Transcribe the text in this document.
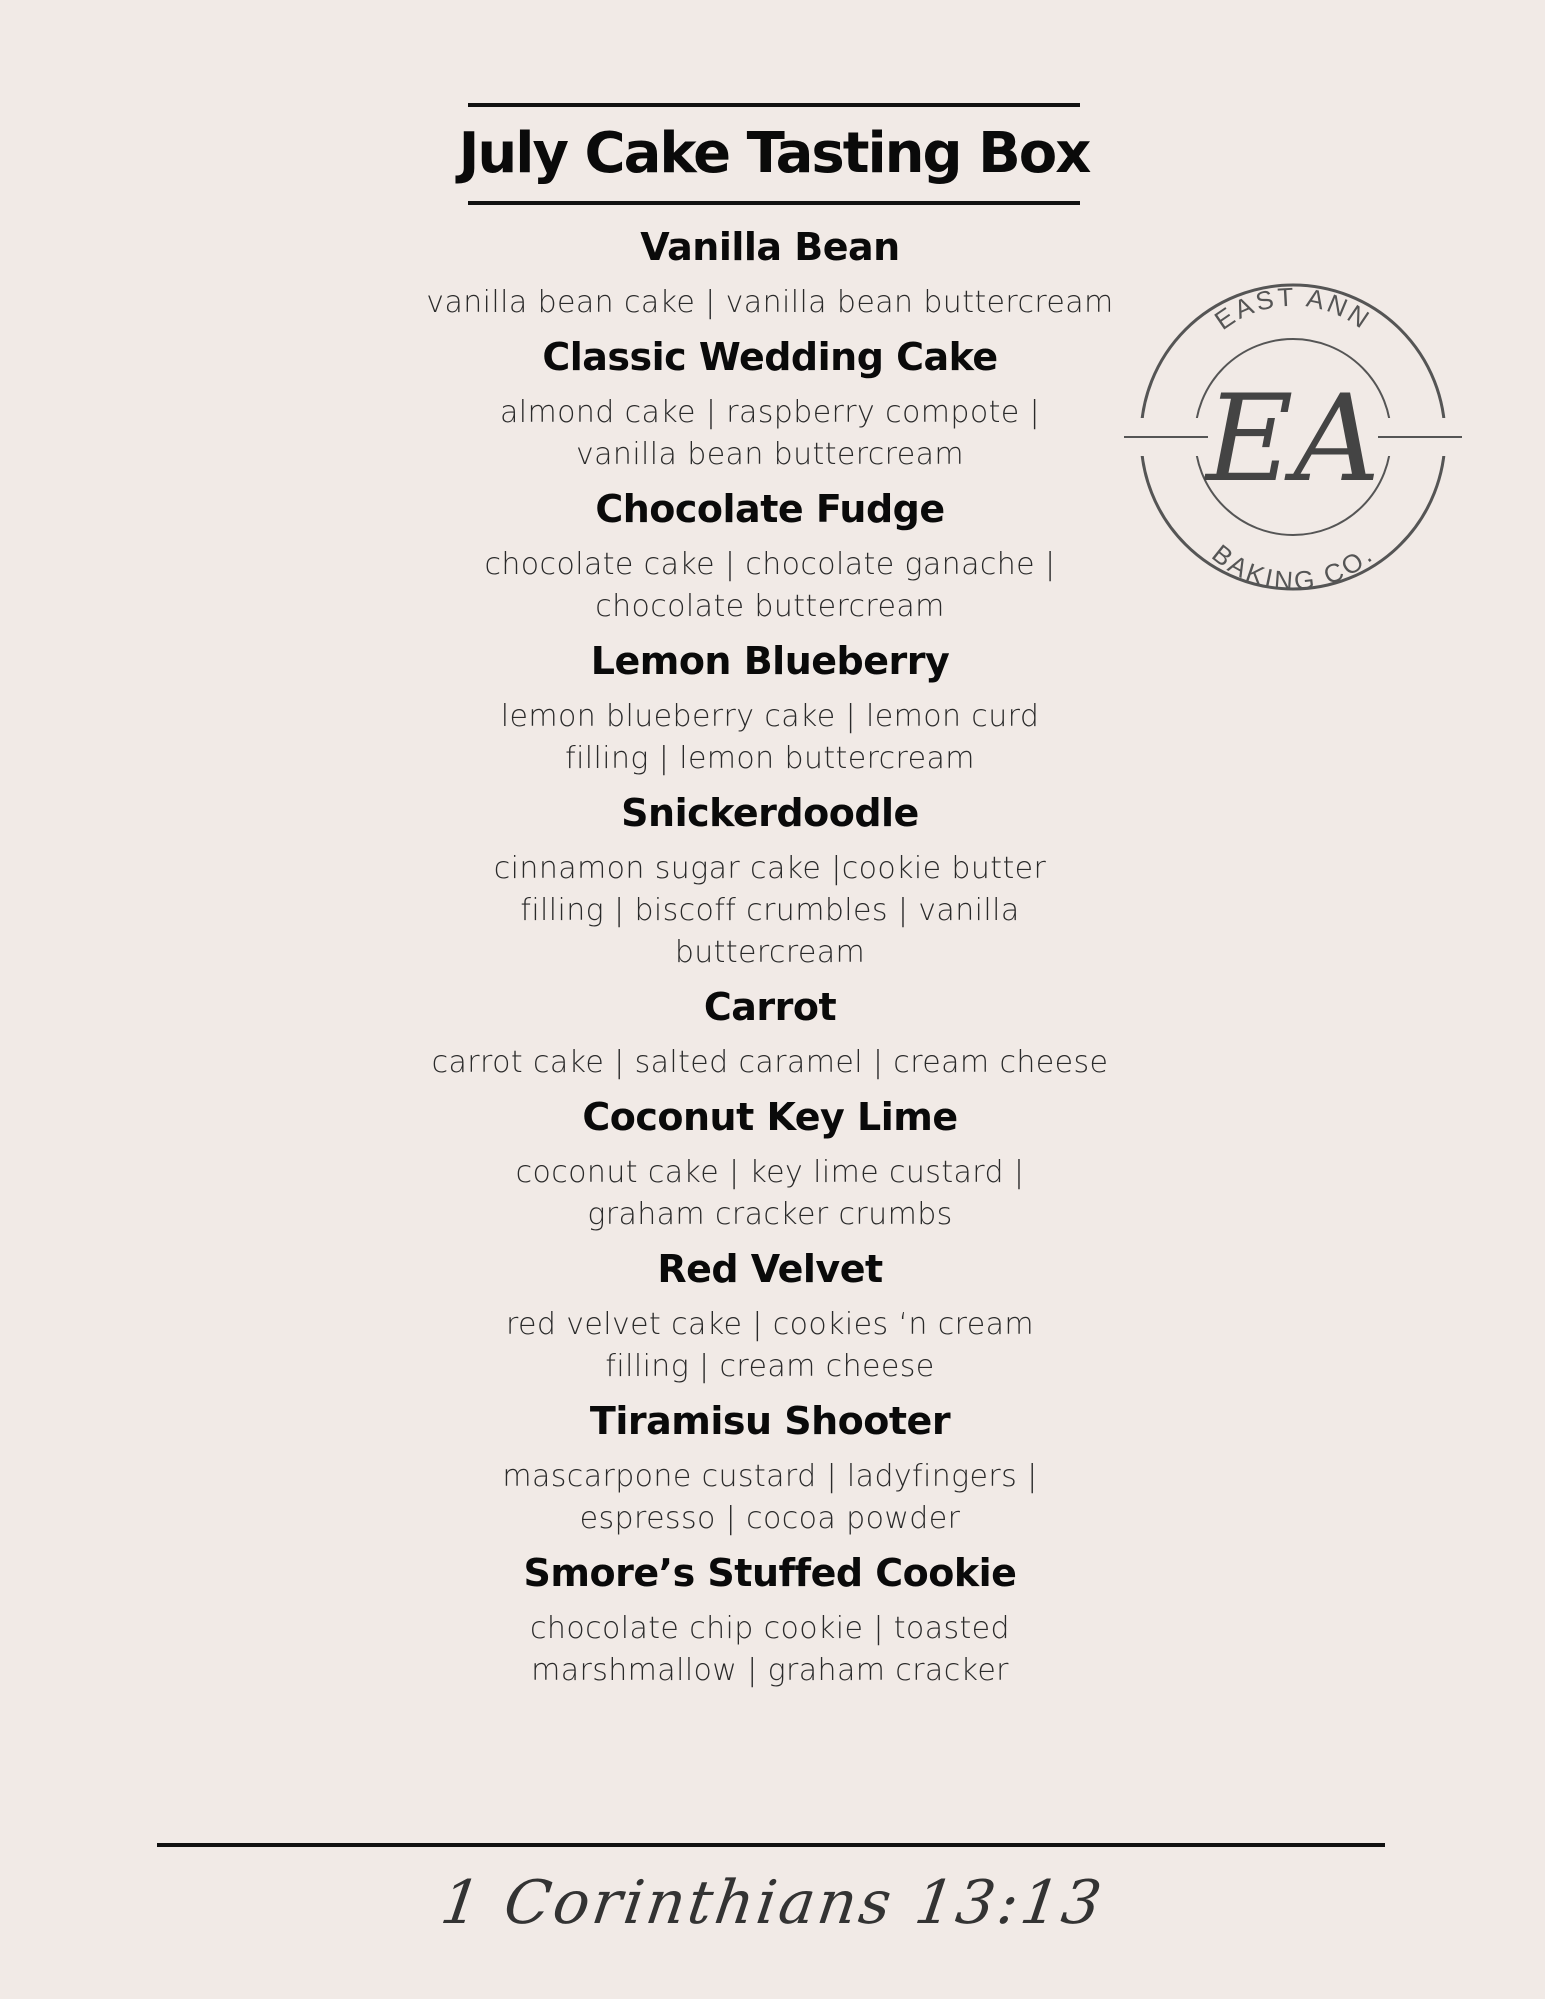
July Cake Tasting Box

Vanilla Bean

vanilla bean cake | vanilla bean buttercream

Classic Wedding Cake

almond cake | raspberry compote | vanilla bean buttercream

Chocolate Fudge

chocolate cake | chocolate ganache | chocolate buttercream

Lemon Blueberry

lemon blueberry cake | lemon curd filling | lemon buttercream

Snickerdoodle

cinnamon sugar cake |cookie butter filling | biscoff crumbles | vanilla buttercream

Carrot

carrot cake | salted caramel | cream cheese

Coconut Key Lime

coconut cake | key lime custard | graham cracker crumbs

Red Velvet

red velvet cake | cookies ‘n cream filling | cream cheese

Tiramisu Shooter

mascarpone custard | ladyfingers | espresso | cocoa powder

Smore’s Stuffed Cookie

chocolate chip cookie | toasted marshmallow | graham cracker

EAST ANN
BAKING CO.
EA
1 Corinthians 13:13
